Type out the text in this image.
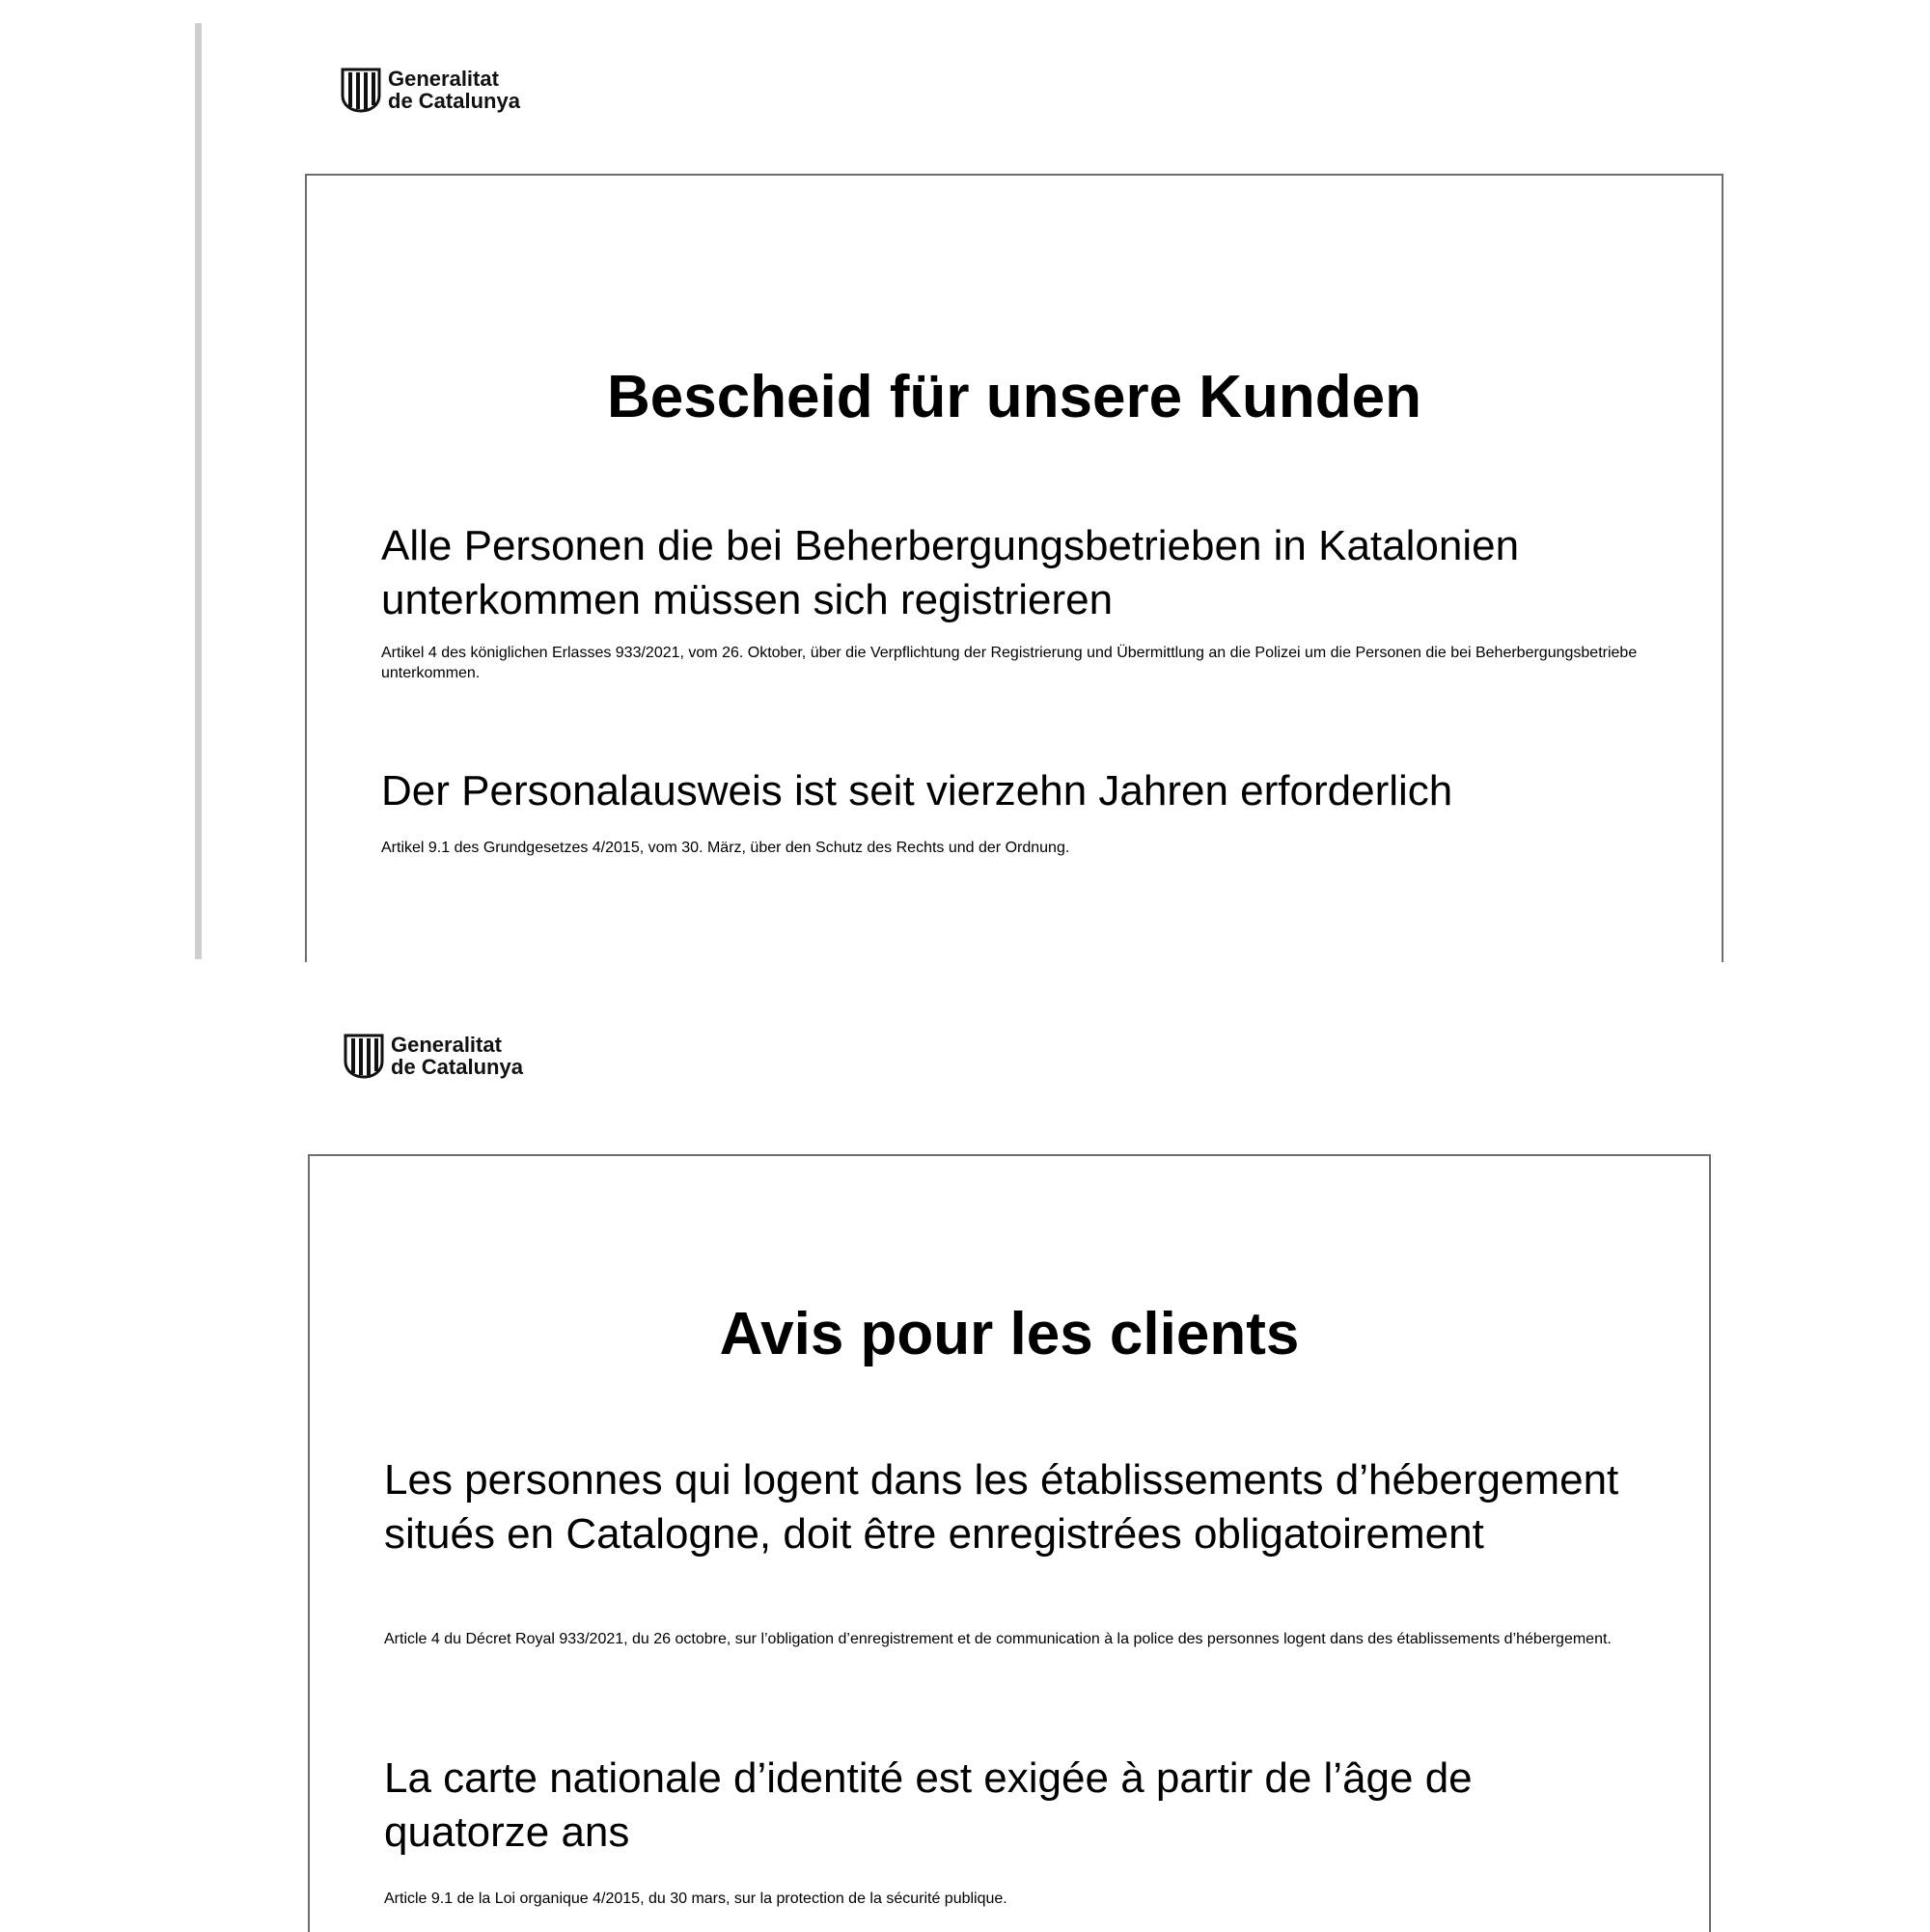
Generalitat
de Catalunya
Bescheid für unsere Kunden

Alle Personen die bei Beherbergungsbetrieben in Katalonien unterkommen müssen sich registrieren

Artikel 4 des königlichen Erlasses 933/2021, vom 26. Oktober, über die Verpflichtung der Registrierung und Übermittlung an die Polizei um die Personen die bei Beherbergungsbetriebe unterkommen.

Der Personalausweis ist seit vierzehn Jahren erforderlich

Artikel 9.1 des Grundgesetzes 4/2015, vom 30. März, über den Schutz des Rechts und der Ordnung.

Generalitat
de Catalunya
Avis pour les clients

Les personnes qui logent dans les établissements d’hébergement situés en Catalogne, doit être enregistrées obligatoirement

Article 4 du Décret Royal 933/2021, du 26 octobre, sur l’obligation d’enregistrement et de communication à la police des personnes logent dans des établissements d’hébergement.

La carte nationale d’identité est exigée à partir de l’âge de quatorze ans

Article 9.1 de la Loi organique 4/2015, du 30 mars, sur la protection de la sécurité publique.
